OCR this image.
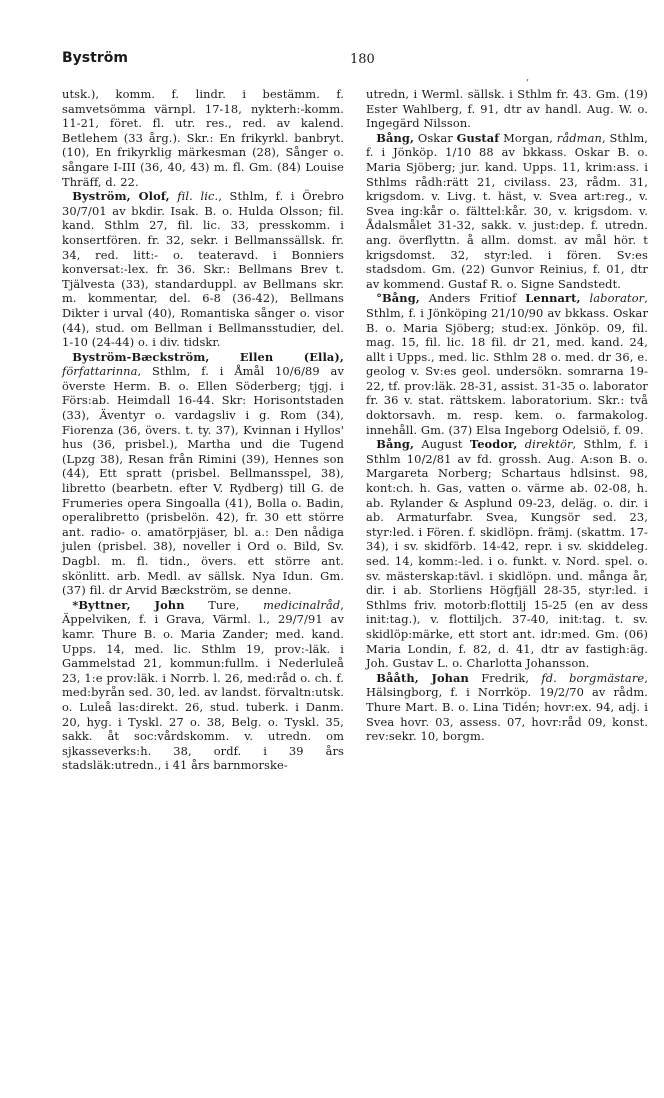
Byström	180
,

utsk.), komm. f. lindr. i bestämm. f. samvetsömma värnpl. 17-18, nykterh:-komm. 11-21, föret. fl. utr. res., red. av kalend. Betlehem (33 årg.). Skr.: En frikyrkl. banbryt. (10), En frikyrklig märkesman (28), Sånger o. sångare I-III (36, 40, 43) m. fl. Gm. (84) Louise Thräff, d. 22.

Byström, Olof, fil. lic., Sthlm, f. i Örebro 30/7/01 av bkdir. Isak. B. o. Hulda Olsson; fil. kand. Sthlm 27, fil. lic. 33, presskomm. i konsertfören. fr. 32, sekr. i Bellmanssällsk. fr. 34, red. litt:- o. teateravd. i Bonniers konversat:-lex. fr. 36. Skr.: Bellmans Brev t. Tjälvesta (33), standarduppl. av Bellmans skr. m. kommentar, del. 6-8 (36-42), Bellmans Dikter i urval (40), Romantiska sånger o. visor (44), stud. om Bellman i Bellmansstudier, del. 1-10 (24-44) o. i div. tidskr.

Byström-Bæckström, Ellen (Ella), författarinna, Sthlm, f. i Åmål 10/6/89 av överste Herm. B. o. Ellen Söderberg; tjgj. i Förs:ab. Heimdall 16-44. Skr: Horisontstaden (33), Äventyr o. vardagsliv i g. Rom (34), Fiorenza (36, övers. t. ty. 37), Kvinnan i Hyllos' hus (36, prisbel.), Martha und die Tugend (Lpzg 38), Resan från Rimini (39), Hennes son (44), Ett spratt (prisbel. Bellmansspel, 38), libretto (bearbetn. efter V. Rydberg) till G. de Frumeries opera Singoalla (41), Bolla o. Badin, operalibretto (prisbelön. 42), fr. 30 ett större ant. radio- o. amatörpjäser, bl. a.: Den nådiga julen (prisbel. 38), noveller i Ord o. Bild, Sv. Dagbl. m. fl. tidn., övers. ett större ant. skönlitt. arb. Medl. av sällsk. Nya Idun. Gm. (37) fil. dr Arvid Bæckström, se denne.

*Byttner, John Ture, medicinalråd, Äppelviken, f. i Grava, Värml. l., 29/7/91 av kamr. Thure B. o. Maria Zander; med. kand. Upps. 14, med. lic. Sthlm 19, prov:-läk. i Gammelstad 21, kommun:fullm. i Nederluleå 23, 1:e prov:läk. i Norrb. l. 26, med:råd o. ch. f. med:byrån sed. 30, led. av landst. förvaltn:utsk. o. Luleå las:direkt. 26, stud. tuberk. i Danm. 20, hyg. i Tyskl. 27 o. 38, Belg. o. Tyskl. 35, sakk. åt soc:vårdskomm. v. utredn. om sjkasseverks:h. 38, ordf. i 39 års stadsläk:utredn., i 41 års barnmorske-

utredn, i Werml. sällsk. i Sthlm fr. 43. Gm. (19) Ester Wahlberg, f. 91, dtr av handl. Aug. W. o. Ingegärd Nilsson.

Bång, Oskar Gustaf Morgan, rådman, Sthlm, f. i Jönköp. 1/10 88 av bkkass. Oskar B. o. Maria Sjöberg; jur. kand. Upps. 11, krim:ass. i Sthlms rådh:rätt 21, civilass. 23, rådm. 31, krigsdom. v. Livg. t. häst, v. Svea art:reg., v. Svea ing:kår o. fälttel:kår. 30, v. krigsdom. v. Ådalsmålet 31-32, sakk. v. just:dep. f. utredn. ang. överflyttn. å allm. domst. av mål hör. t krigsdomst. 32, styr:led. i fören. Sv:es stadsdom. Gm. (22) Gunvor Reinius, f. 01, dtr av kommend. Gustaf R. o. Signe Sandstedt.

°Bång, Anders Fritiof Lennart, laborator, Sthlm, f. i Jönköping 21/10/90 av bkkass. Oskar B. o. Maria Sjöberg; stud:ex. Jönköp. 09, fil. mag. 15, fil. lic. 18 fil. dr 21, med. kand. 24, allt i Upps., med. lic. Sthlm 28 o. med. dr 36, e. geolog v. Sv:es geol. undersökn. somrarna 19-22, tf. prov:läk. 28-31, assist. 31-35 o. laborator fr. 36 v. stat. rättskem. laboratorium. Skr.: två doktorsavh. m. resp. kem. o. farmakolog. innehåll. Gm. (37) Elsa Ingeborg Odelsiö, f. 09.

Bång, August Teodor, direktör, Sthlm, f. i Sthlm 10/2/81 av fd. grossh. Aug. A:son B. o. Margareta Norberg; Schartaus hdlsinst. 98, kont:ch. h. Gas, vatten o. värme ab. 02-08, h. ab. Rylander & Asplund 09-23, deläg. o. dir. i ab. Armaturfabr. Svea, Kungsör sed. 23, styr:led. i Fören. f. skidlöpn. främj. (skattm. 17-34), i sv. skidförb. 14-42, repr. i sv. skiddeleg. sed. 14, komm:-led. i o. funkt. v. Nord. spel. o. sv. mästerskap:tävl. i skidlöpn. und. många år, dir. i ab. Storliens Högfjäll 28-35, styr:led. i Sthlms friv. motorb:flottilj 15-25 (en av dess init:tag.), v. flottiljch. 37-40, init:tag. t. sv. skidlöp:märke, ett stort ant. idr:med. Gm. (06) Maria Londin, f. 82, d. 41, dtr av fastigh:äg. Joh. Gustav L. o. Charlotta Johansson.

Bååth, Johan Fredrik, fd. borgmästare, Hälsingborg, f. i Norrköp. 19/2/70 av rådm. Thure Mart. B. o. Lina Tidén; hovr:ex. 94, adj. i Svea hovr. 03, assess. 07, hovr:råd 09, konst. rev:sekr. 10, borgm.
